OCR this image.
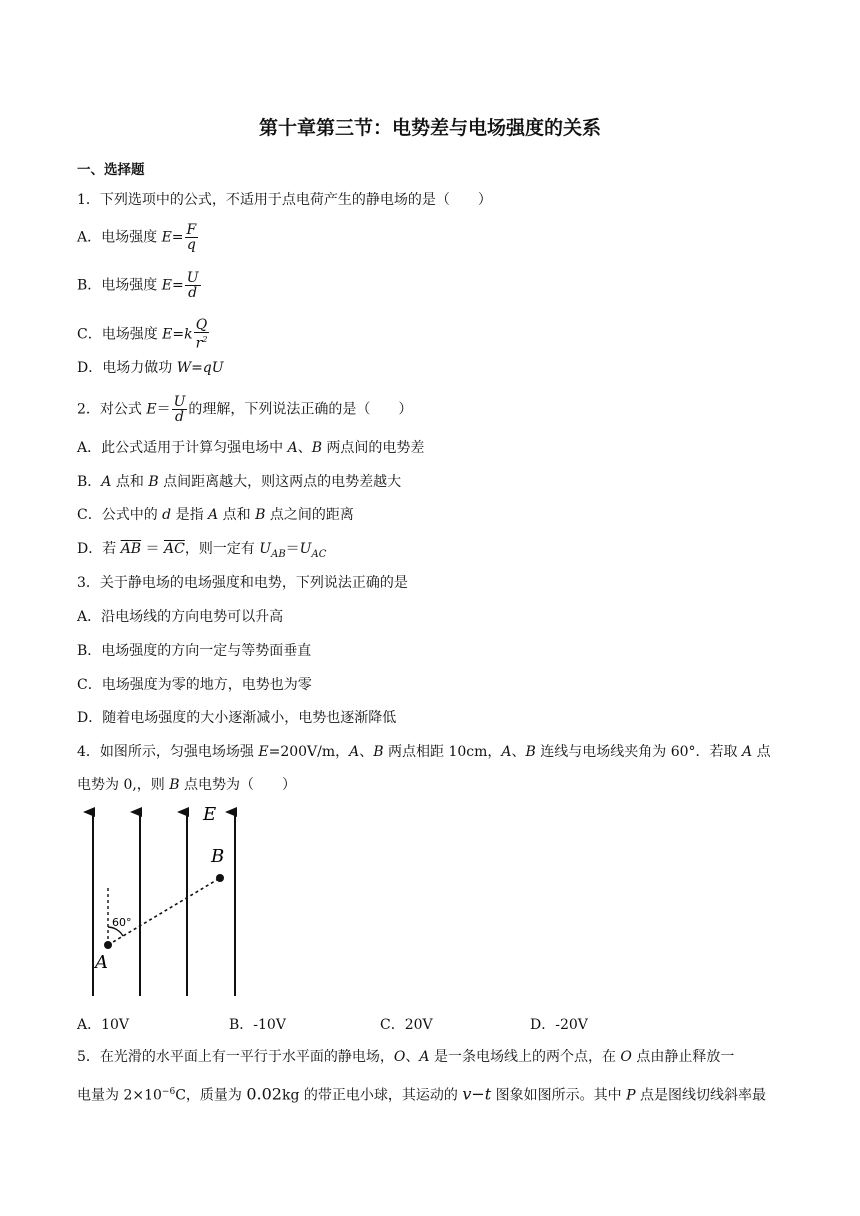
第十章第三节：电势差与电场强度的关系
一、选择题
1．下列选项中的公式，不适用于点电荷产生的静电场的是（　　）
A．电场强度 $E= \frac{F}{q}$
B．电场强度 $E= \frac{U}{d}$
C．电场强度 $E=k \frac{Q}{r^2}$
D．电场力做功 W=qU
2．对公式 $E= \frac{U}{d}$ 的理解，下列说法正确的是（　　）
A．此公式适用于计算匀强电场中 A、B 两点间的电势差
B．A 点和 B 点间距离越大，则这两点的电势差越大
C．公式中的 d 是指 A 点和 B 点之间的距离
D．若 $\overline{AB} = \overline{AC}$，则一定有 $U_{AB}=U_{AC}$
3．关于静电场的电场强度和电势，下列说法正确的是
A．沿电场线的方向电势可以升高
B．电场强度的方向一定与等势面垂直
C．电场强度为零的地方，电势也为零
D．随着电场强度的大小逐渐减小，电势也逐渐降低
4．如图所示，匀强电场场强 E=200V/m，A、B 两点相距 10cm，A、B 连线与电场线夹角为 60°．若取 A 点
电势为 0,，则 B 点电势为（　　）
E
B
A
60°
A．10V	B．-10V	C．20V	D．-20V
5．在光滑的水平面上有一平行于水平面的静电场，O、A 是一条电场线上的两个点，在 O 点由静止释放一
电量为 $2\times 10^{-6}C$，质量为 0.02kg 的带正电小球，其运动的 v−t 图象如图所示。其中 P 点是图线切线斜率最
